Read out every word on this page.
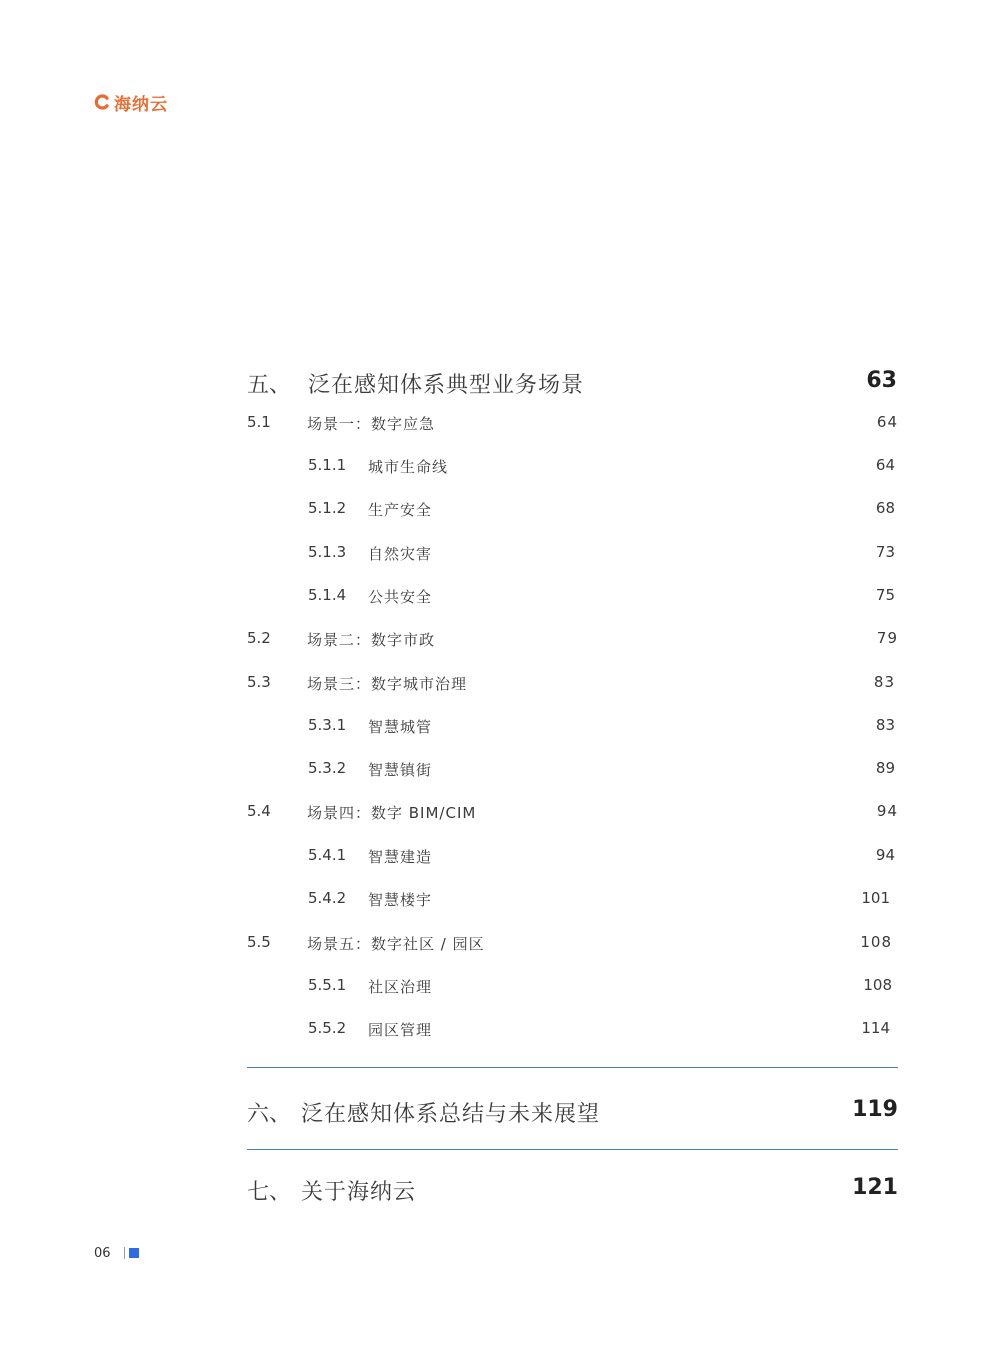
海纳云
五、 泛在感知体系典型业务场景	63
5.1 场景一：数字应急	64
5.1.1 城市生命线	64
5.1.2 生产安全	68
5.1.3 自然灾害	73
5.1.4 公共安全	75
5.2 场景二：数字市政	79
5.3 场景三：数字城市治理	83
5.3.1 智慧城管	83
5.3.2 智慧镇街	89
5.4 场景四：数字 BIM/CIM	94
5.4.1 智慧建造	94
5.4.2 智慧楼宇	101
5.5 场景五：数字社区 / 园区	108
5.5.1 社区治理	108
5.5.2 园区管理	114
六、 泛在感知体系总结与未来展望	119
七、 关于海纳云	121
06
